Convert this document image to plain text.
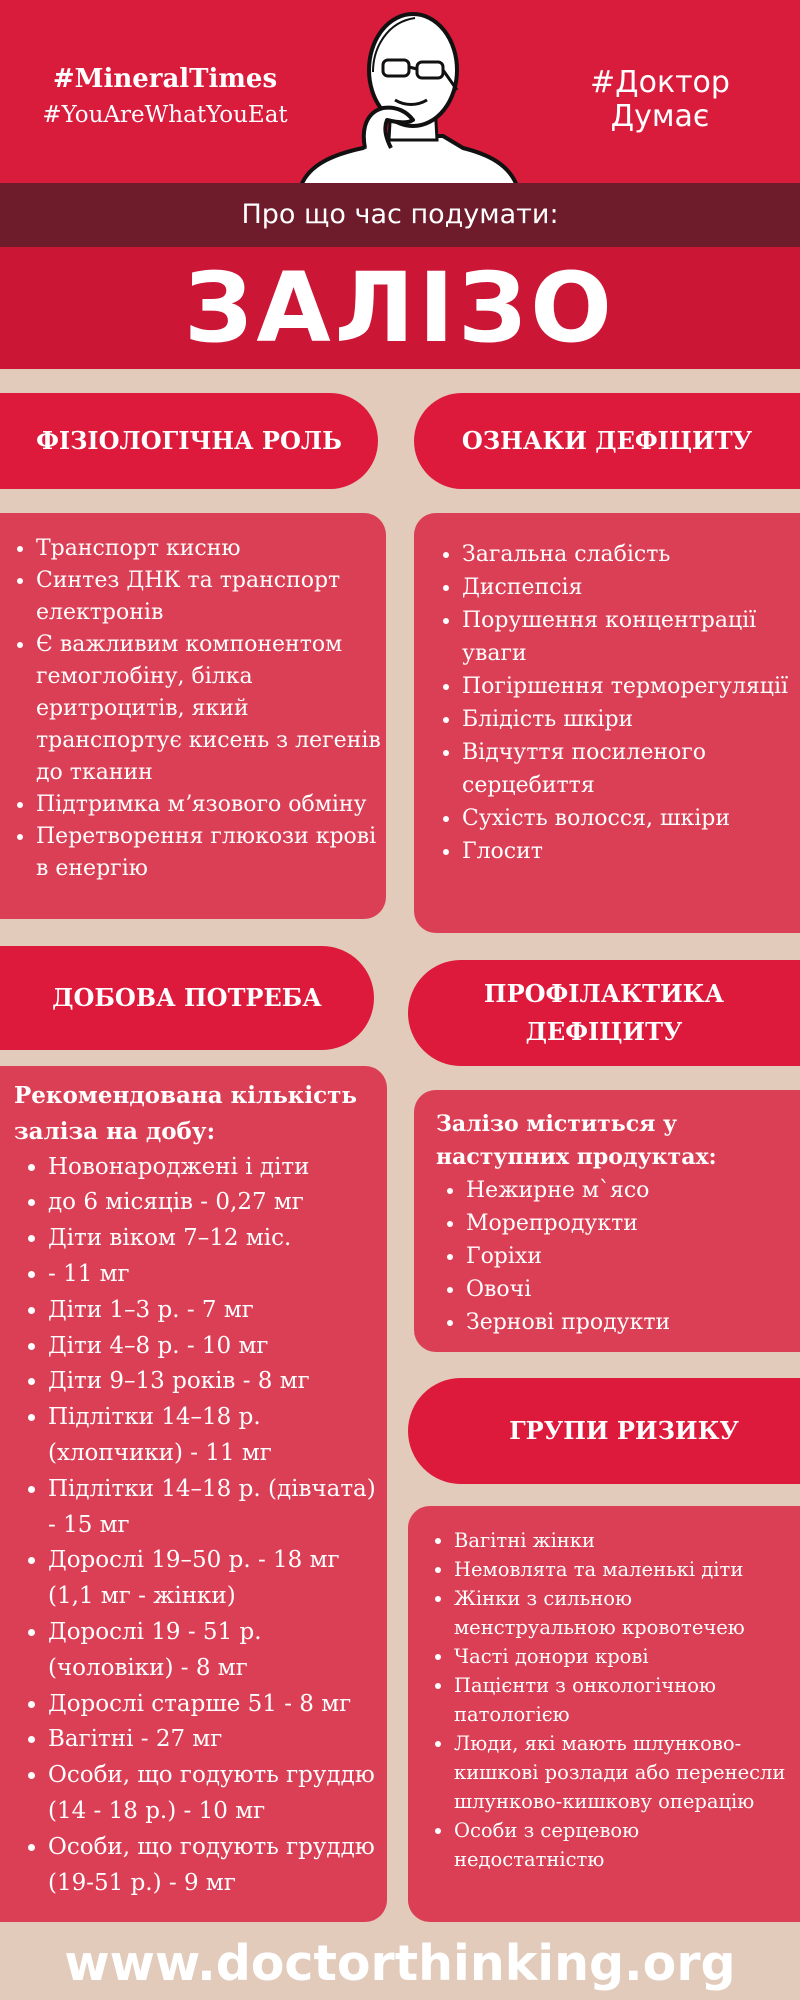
#MineralTimes
#YouAreWhatYouEat
#Доктор
Думає
Про що час подумати:
ЗАЛІЗО
ФІЗІОЛОГІЧНА РОЛЬ
• Транспорт кисню
• Синтез ДНК та транспорт електронів
• Є важливим компонентом гемоглобіну, білка еритроцитів, який транспортує кисень з легенів до тканин
• Підтримка мʼязового обміну
• Перетворення глюкози крові в енергію
ДОБОВА ПОТРЕБА
Рекомендована кількість заліза на добу:
• Новонароджені і діти
• до 6 місяців - 0,27 мг
• Діти віком 7–12 міс.
• - 11 мг
• Діти 1–3 р. - 7 мг
• Діти 4–8 р. - 10 мг
• Діти 9–13 років - 8 мг
• Підлітки 14–18 р. (хлопчики) - 11 мг
• Підлітки 14–18 р. (дівчата) - 15 мг
• Дорослі 19–50 р. - 18 мг (1,1 мг - жінки)
• Дорослі 19 - 51 р. (чоловіки) - 8 мг
• Дорослі старше 51 - 8 мг
• Вагітні - 27 мг
• Особи, що годують груддю (14 - 18 р.) - 10 мг
• Особи, що годують груддю (19-51 р.) - 9 мг
ОЗНАКИ ДЕФІЦИТУ
• Загальна слабість
• Диспепсія
• Порушення концентрації уваги
• Погіршення терморегуляції
• Блідість шкіри
• Відчуття посиленого серцебиття
• Сухість волосся, шкіри
• Глосит
ПРОФІЛАКТИКА ДЕФІЦИТУ
Залізо міститься у наступних продуктах:
• Нежирне м`ясо
• Морепродукти
• Горіхи
• Овочі
• Зернові продукти
ГРУПИ РИЗИКУ
• Вагітні жінки
• Немовлята та маленькі діти
• Жінки з сильною менструальною кровотечею
• Часті донори крові
• Пацієнти з онкологічною патологією
• Люди, які мають шлунково-кишкові розлади або перенесли шлунково-кишкову операцію
• Особи з серцевою недостатністю
www.doctorthinking.org
